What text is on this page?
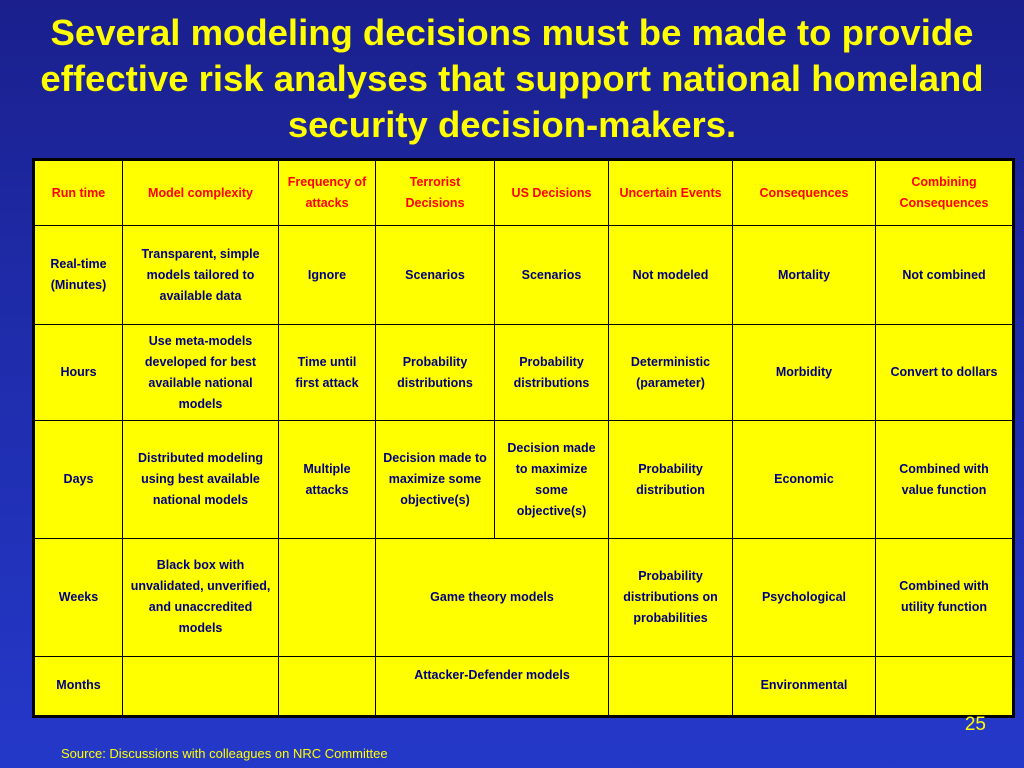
Several modeling decisions must be made to provide effective risk analyses that support national homeland security decision-makers.
Run time	Model complexity	Frequency of attacks	Terrorist Decisions	US Decisions	Uncertain Events	Consequences	Combining Consequences
Real-time (Minutes)	Transparent, simple models tailored to available data	Ignore	Scenarios	Scenarios	Not modeled	Mortality	Not combined
Hours	Use meta-models developed for best available national models	Time until first attack	Probability distributions	Probability distributions	Deterministic (parameter)	Morbidity	Convert to dollars
Days	Distributed modeling using best available national models	Multiple attacks	Decision made to maximize some objective(s)	Decision made to maximize some objective(s)	Probability distribution	Economic	Combined with value function
Weeks	Black box with unvalidated, unverified, and unaccredited models		Game theory models		Probability distributions on probabilities	Psychological	Combined with utility function
Months			Attacker-Defender models			Environmental	
25
Source: Discussions with colleagues on NRC Committee
